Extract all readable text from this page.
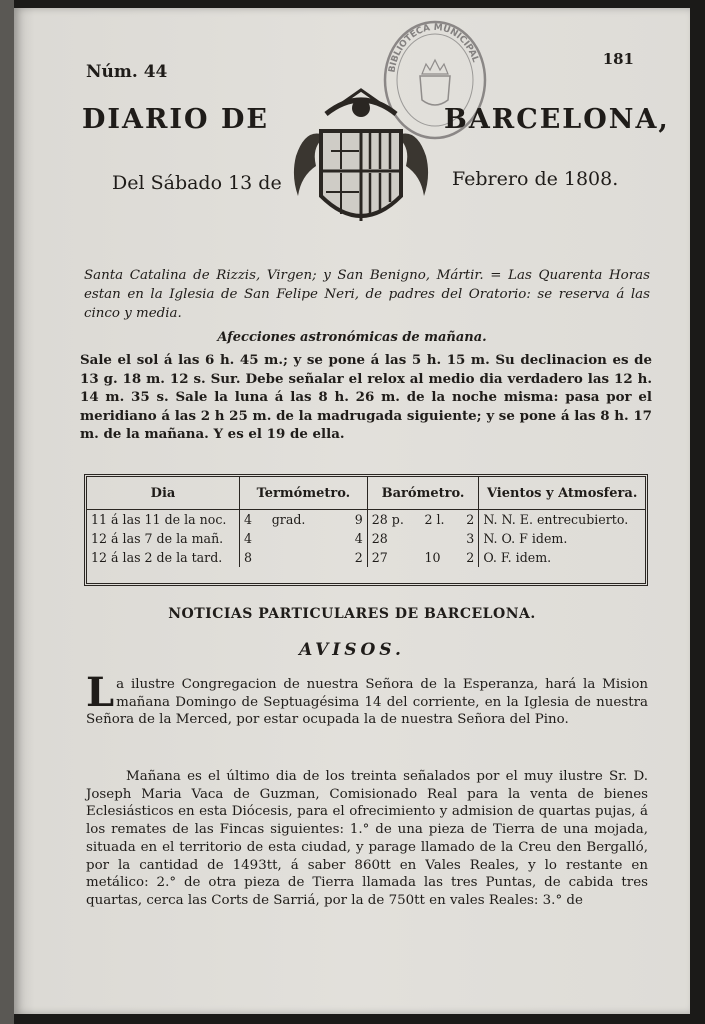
Núm. 44
181
BIBLIOTECA MUNICIPAL
DIARIO DE	BARCELONA,
Del Sábado 13 de	Febrero de 1808.
Santa Catalina de Rizzis, Virgen; y San Benigno, Mártir. = Las Quarenta Horas estan en la Iglesia de San Felipe Neri, de padres del Oratorio: se reserva á las cinco y media.
Afecciones astronómicas de mañana.
Sale el sol á las 6 h. 45 m.; y se pone á las 5 h. 15 m. Su declinacion es de 13 g. 18 m. 12 s. Sur. Debe señalar el relox al medio dia verdadero las 12 h. 14 m. 35 s. Sale la luna á las 8 h. 26 m. de la noche misma: pasa por el meridiano á las 2 h 25 m. de la madrugada siguiente; y se pone á las 8 h. 17 m. de la mañana. Y es el 19 de ella.
Dia	Termómetro.			Barómetro.			Vientos y Atmosfera.
11 á las 11 de la noc.	4	grad.	9	28 p.	2 l.	2	N. N. E. entrecubierto.
12 á las 7 de la mañ.	4		4	28		3	N. O. F idem.
12 á las 2 de la tard.	8		2	27	10	2	O. F. idem.
NOTICIAS PARTICULARES DE BARCELONA.
AVISOS.
La ilustre Congregacion de nuestra Señora de la Esperanza, hará la Mision mañana Domingo de Septuagésima 14 del corriente, en la Iglesia de nuestra Señora de la Merced, por estar ocupada la de nuestra Señora del Pino.
Mañana es el último dia de los treinta señalados por el muy ilustre Sr. D. Joseph Maria Vaca de Guzman, Comisionado Real para la venta de bienes Eclesiásticos en esta Diócesis, para el ofrecimiento y admision de quartas pujas, á los remates de las Fincas siguientes: 1.° de una pieza de Tierra de una mojada, situada en el territorio de esta ciudad, y parage llamado de la Creu den Bergalló, por la cantidad de 1493tt, á saber 860tt en Vales Reales, y lo restante en metálico: 2.° de otra pieza de Tierra llamada las tres Puntas, de cabida tres quartas, cerca las Corts de Sarriá, por la de 750tt en vales Reales: 3.° de
